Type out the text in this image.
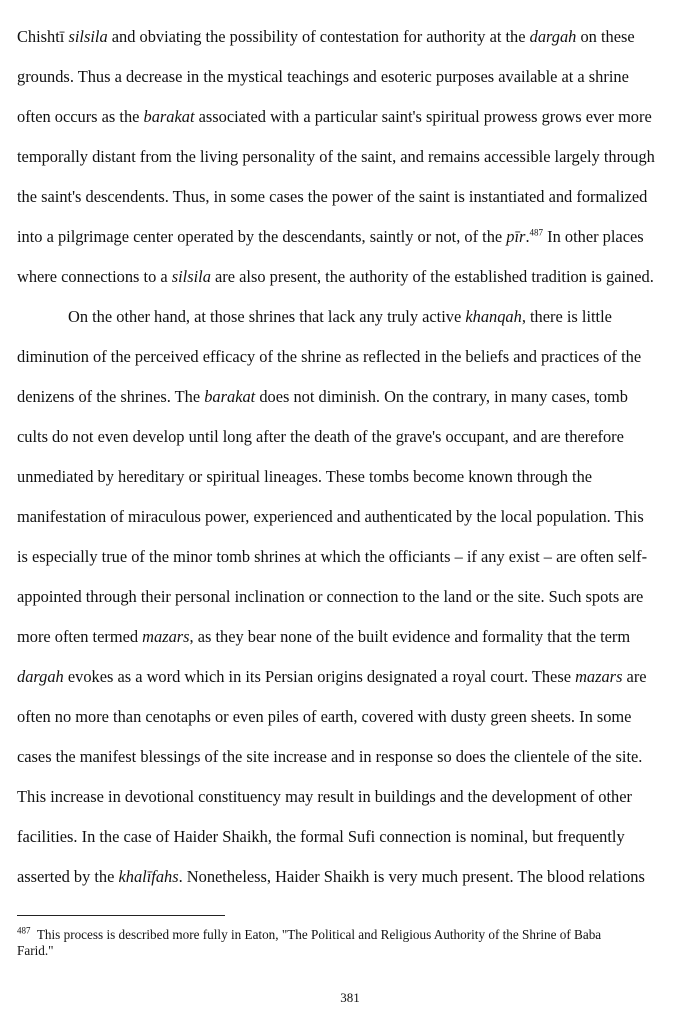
Chishtī silsila and obviating the possibility of contestation for authority at the dargah on these
grounds. Thus a decrease in the mystical teachings and esoteric purposes available at a shrine
often occurs as the barakat associated with a particular saint's spiritual prowess grows ever more
temporally distant from the living personality of the saint, and remains accessible largely through
the saint's descendents. Thus, in some cases the power of the saint is instantiated and formalized
into a pilgrimage center operated by the descendants, saintly or not, of the pīr.$^{487}$ In other places
where connections to a silsila are also present, the authority of the established tradition is gained.
On the other hand, at those shrines that lack any truly active khanqah, there is little
diminution of the perceived efficacy of the shrine as reflected in the beliefs and practices of the
denizens of the shrines. The barakat does not diminish. On the contrary, in many cases, tomb
cults do not even develop until long after the death of the grave's occupant, and are therefore
unmediated by hereditary or spiritual lineages. These tombs become known through the
manifestation of miraculous power, experienced and authenticated by the local population. This
is especially true of the minor tomb shrines at which the officiants – if any exist – are often self-
appointed through their personal inclination or connection to the land or the site. Such spots are
more often termed mazars, as they bear none of the built evidence and formality that the term
dargah evokes as a word which in its Persian origins designated a royal court. These mazars are
often no more than cenotaphs or even piles of earth, covered with dusty green sheets. In some
cases the manifest blessings of the site increase and in response so does the clientele of the site.
This increase in devotional constituency may result in buildings and the development of other
facilities. In the case of Haider Shaikh, the formal Sufi connection is nominal, but frequently
asserted by the khalīfahs. Nonetheless, Haider Shaikh is very much present. The blood relations
$^{487}$ This process is described more fully in Eaton, "The Political and Religious Authority of the Shrine of Baba
Farid."
381
